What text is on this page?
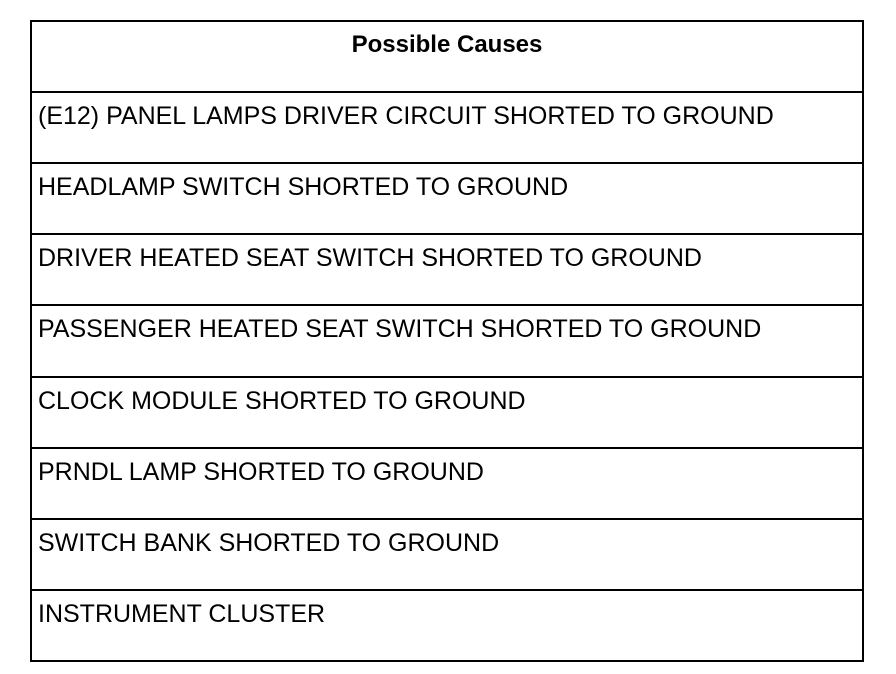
Possible Causes
(E12) PANEL LAMPS DRIVER CIRCUIT SHORTED TO GROUND
HEADLAMP SWITCH SHORTED TO GROUND
DRIVER HEATED SEAT SWITCH SHORTED TO GROUND
PASSENGER HEATED SEAT SWITCH SHORTED TO GROUND
CLOCK MODULE SHORTED TO GROUND
PRNDL LAMP SHORTED TO GROUND
SWITCH BANK SHORTED TO GROUND
INSTRUMENT CLUSTER
